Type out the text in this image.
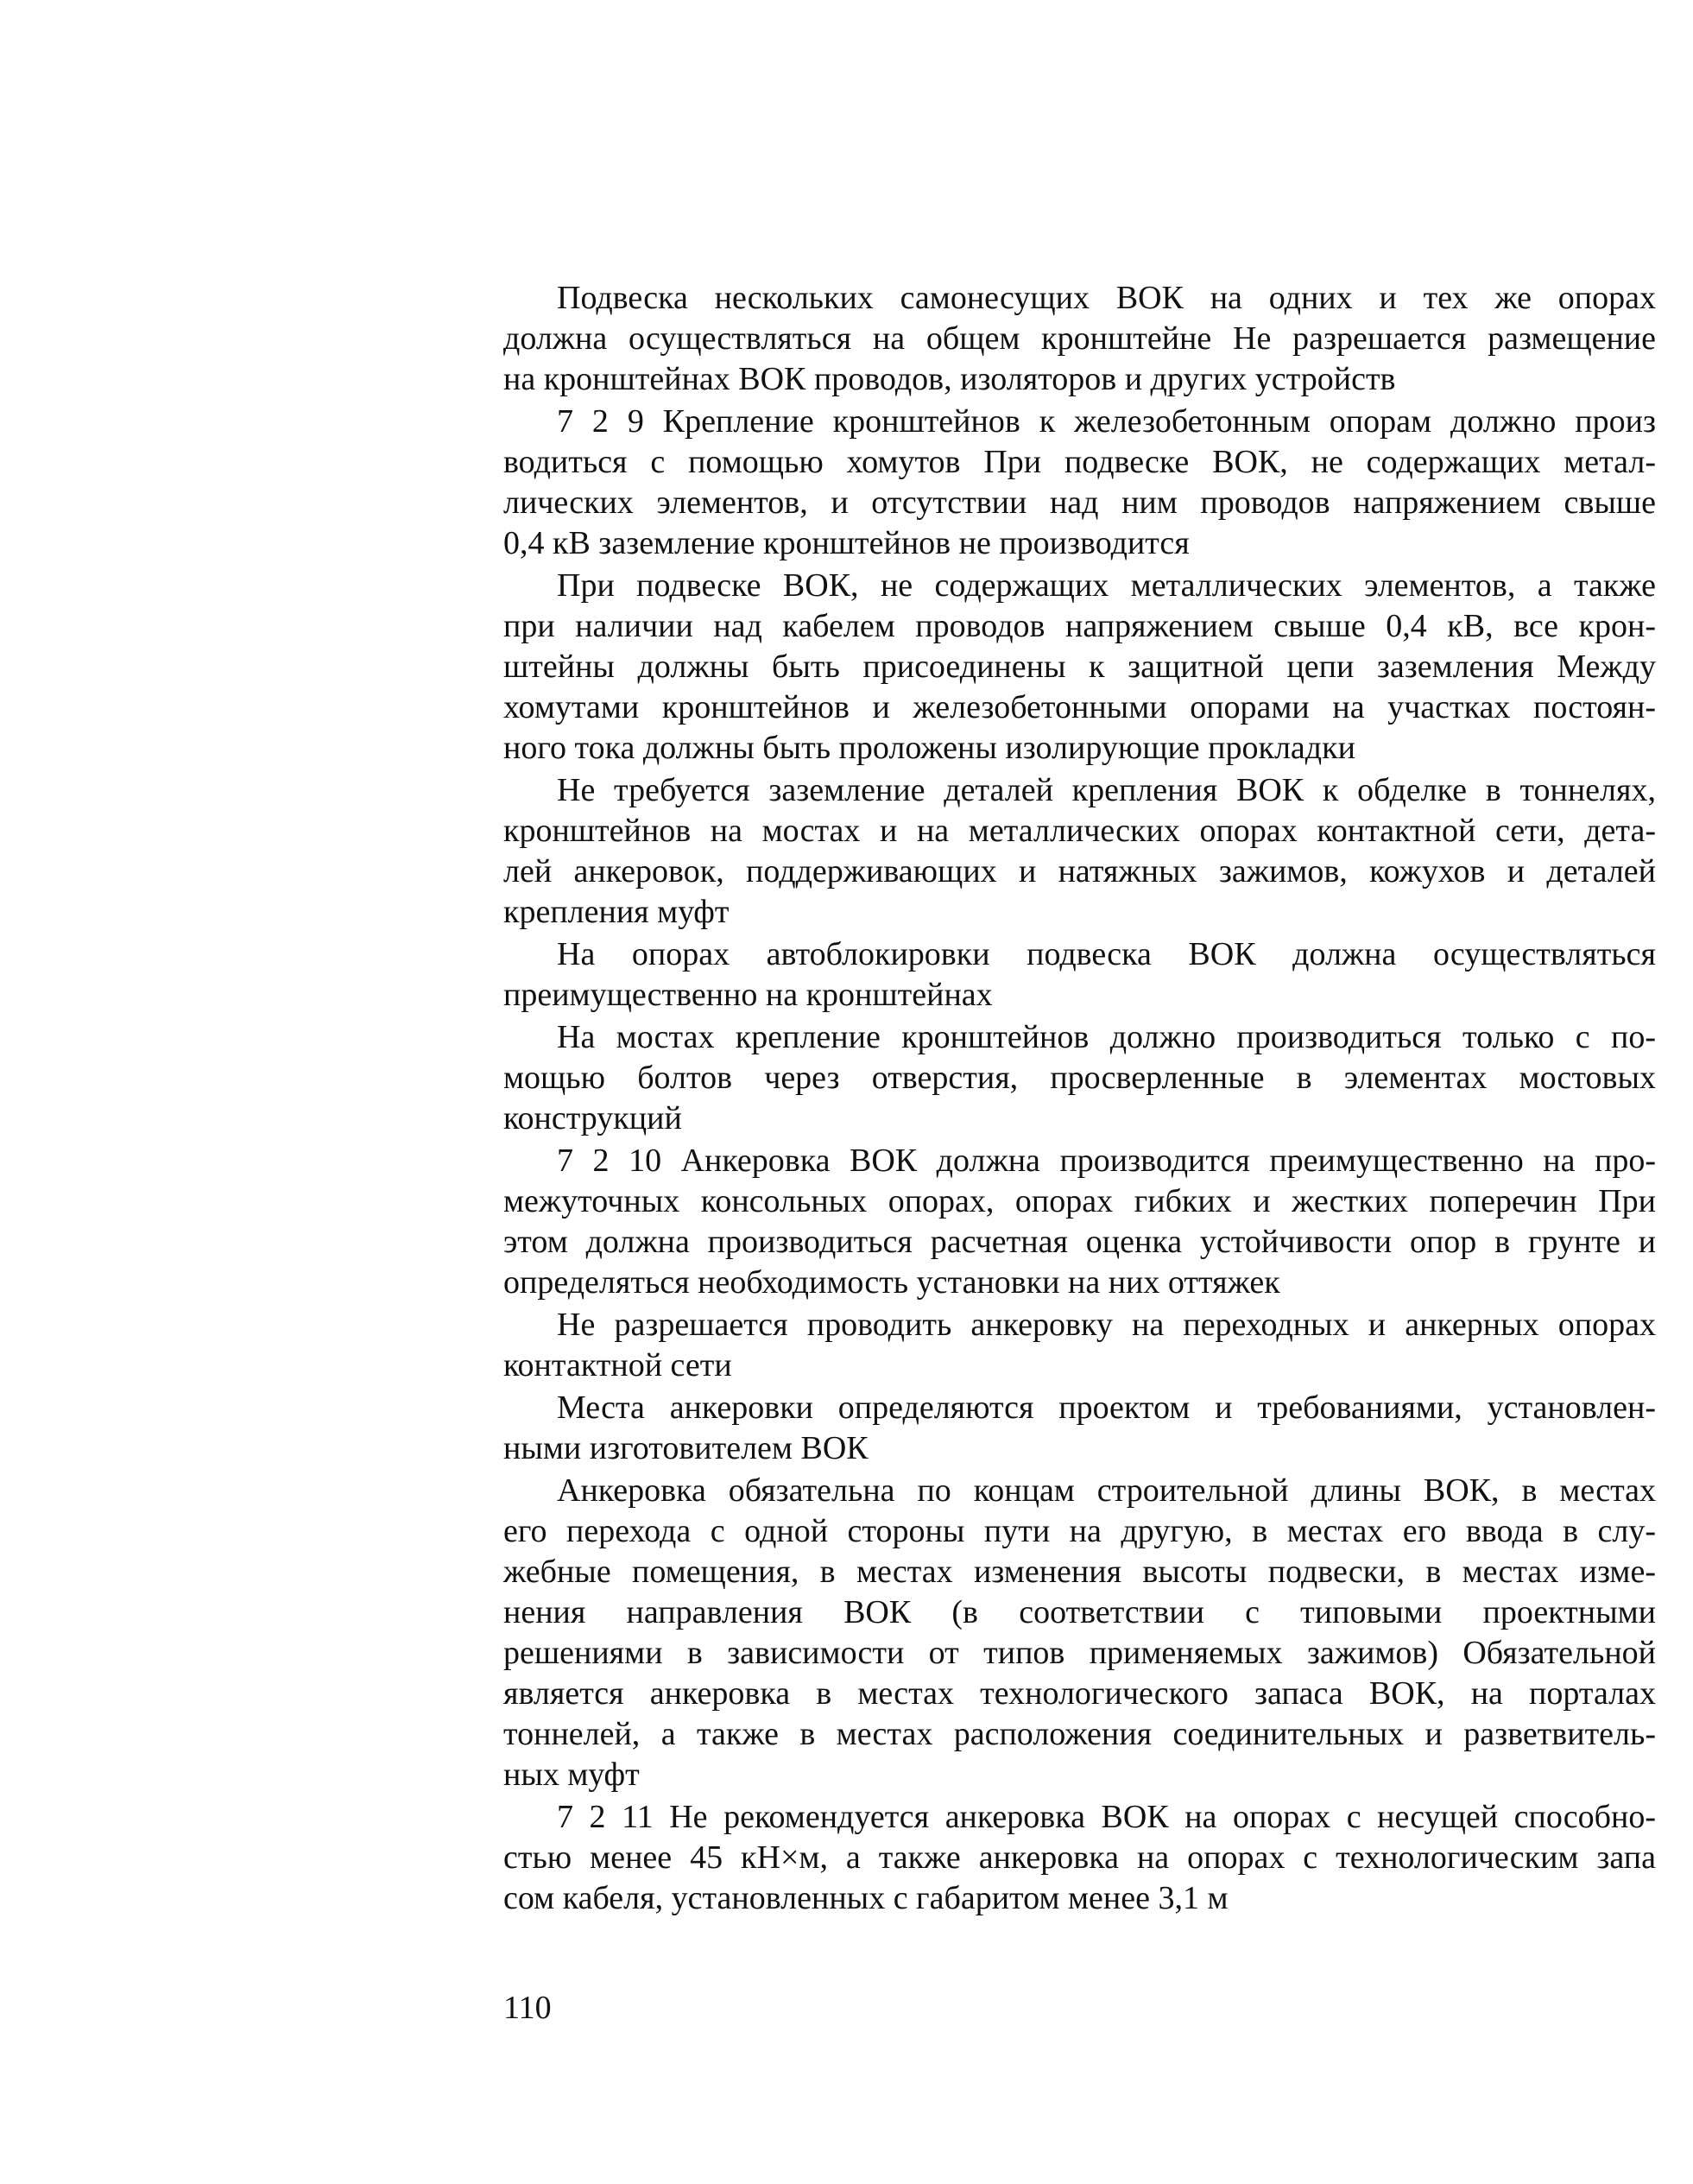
Подвеска нескольких самонесущих ВОК на одних и тех же опорах
должна осуществляться на общем кронштейне Не разрешается размещение
на кронштейнах ВОК проводов, изоляторов и других устройств
7 2 9 Крепление кронштейнов к железобетонным опорам должно произ
водиться с помощью хомутов При подвеске ВОК, не содержащих метал-
лических элементов, и отсутствии над ним проводов напряжением свыше
0,4 кВ заземление кронштейнов не производится
При подвеске ВОК, не содержащих металлических элементов, а также
при наличии над кабелем проводов напряжением свыше 0,4 кВ, все крон-
штейны должны быть присоединены к защитной цепи заземления Между
хомутами кронштейнов и железобетонными опорами на участках постоян-
ного тока должны быть проложены изолирующие прокладки
Не требуется заземление деталей крепления ВОК к обделке в тоннелях,
кронштейнов на мостах и на металлических опорах контактной сети, дета-
лей анкеровок, поддерживающих и натяжных зажимов, кожухов и деталей
крепления муфт
На опорах автоблокировки подвеска ВОК должна осуществляться
преимущественно на кронштейнах
На мостах крепление кронштейнов должно производиться только с по-
мощью болтов через отверстия, просверленные в элементах мостовых
конструкций
7 2 10 Анкеровка ВОК должна производится преимущественно на про-
межуточных консольных опорах, опорах гибких и жестких поперечин При
этом должна производиться расчетная оценка устойчивости опор в грунте и
определяться необходимость установки на них оттяжек
Не разрешается проводить анкеровку на переходных и анкерных опорах
контактной сети
Места анкеровки определяются проектом и требованиями, установлен-
ными изготовителем ВОК
Анкеровка обязательна по концам строительной длины ВОК, в местах
его перехода с одной стороны пути на другую, в местах его ввода в слу-
жебные помещения, в местах изменения высоты подвески, в местах изме-
нения направления ВОК (в соответствии с типовыми проектными
решениями в зависимости от типов применяемых зажимов) Обязательной
является анкеровка в местах технологического запаса ВОК, на порталах
тоннелей, а также в местах расположения соединительных и разветвитель-
ных муфт
7 2 11 Не рекомендуется анкеровка ВОК на опорах с несущей способно-
стью менее 45 кН×м, а также анкеровка на опорах с технологическим запа
сом кабеля, установленных с габаритом менее 3,1 м
110
